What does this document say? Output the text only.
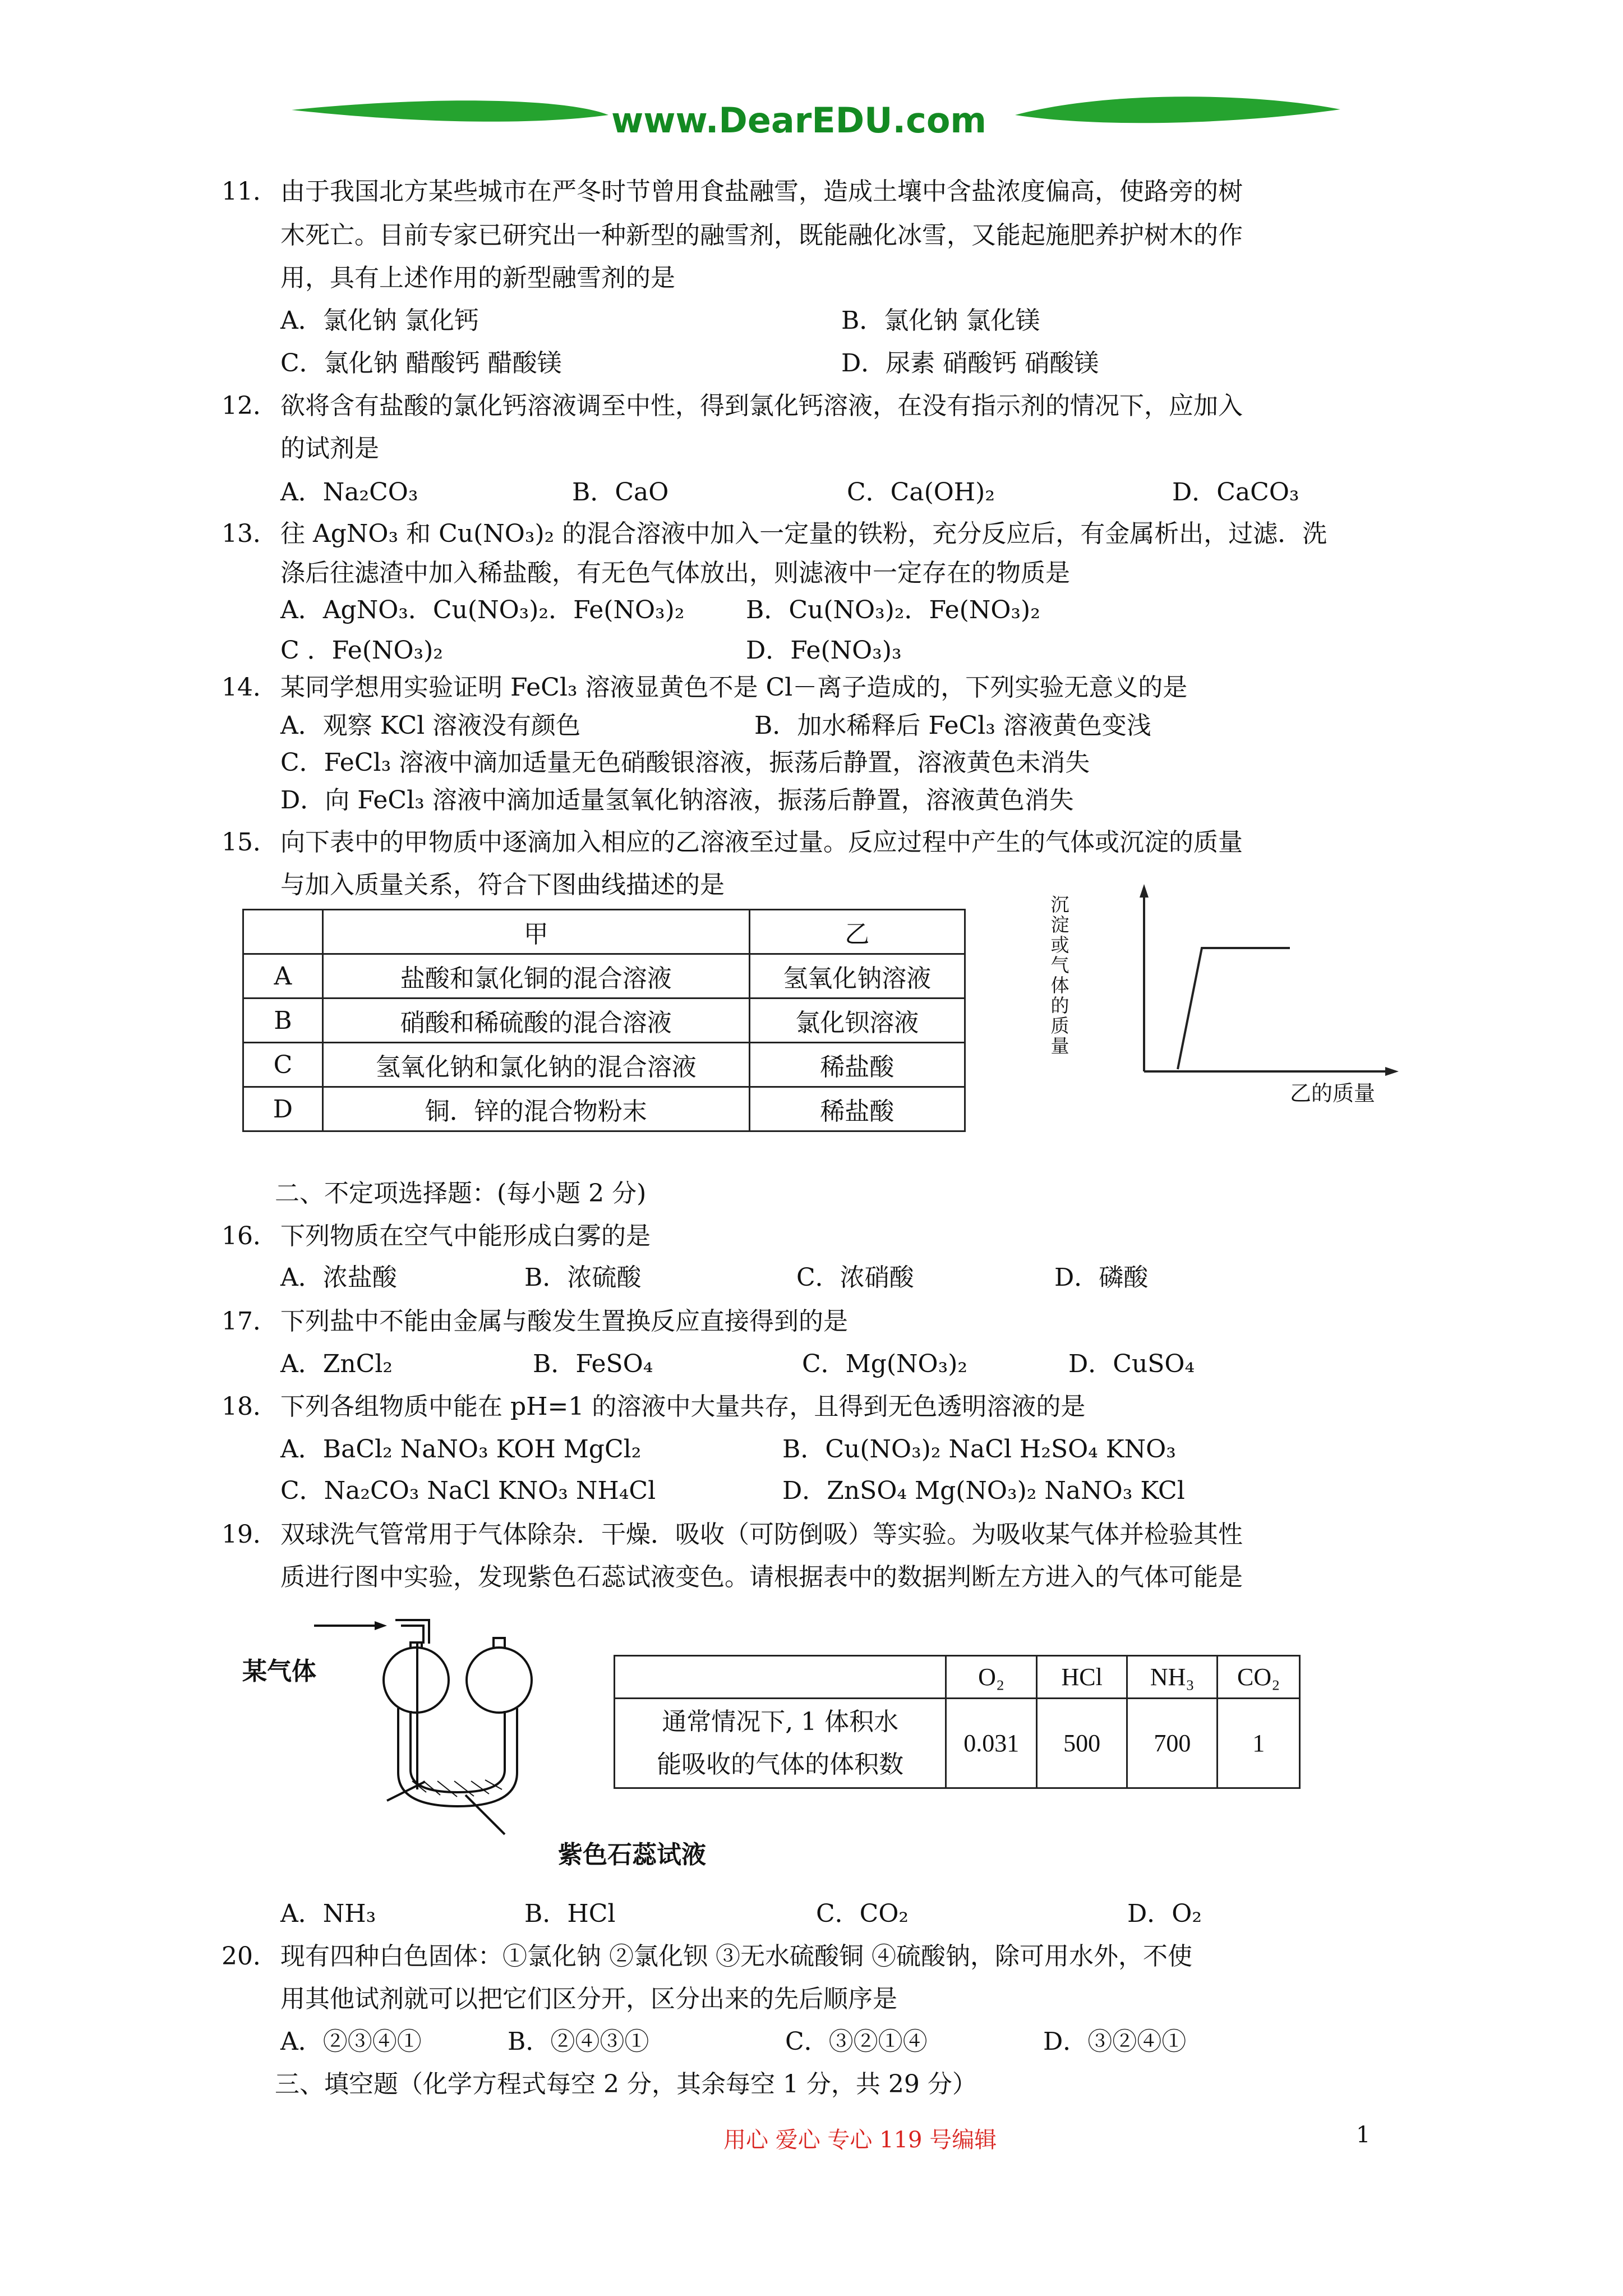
www.DearEDU.com
11． 由于我国北方某些城市在严冬时节曾用食盐融雪，造成土壤中含盐浓度偏高，使路旁的树
木死亡。目前专家已研究出一种新型的融雪剂，既能融化冰雪，又能起施肥养护树木的作
用，具有上述作用的新型融雪剂的是
A．氯化钠 氯化钙	B．氯化钠 氯化镁
C．氯化钠 醋酸钙 醋酸镁	D．尿素 硝酸钙 硝酸镁
12． 欲将含有盐酸的氯化钙溶液调至中性，得到氯化钙溶液，在没有指示剂的情况下，应加入
的试剂是
A．Na₂CO₃	B．CaO	C．Ca(OH)₂	D．CaCO₃
13． 往 AgNO₃ 和 Cu(NO₃)₂ 的混合溶液中加入一定量的铁粉，充分反应后，有金属析出，过滤．洗
涤后往滤渣中加入稀盐酸，有无色气体放出，则滤液中一定存在的物质是
A．AgNO₃．Cu(NO₃)₂．Fe(NO₃)₂ B．Cu(NO₃)₂．Fe(NO₃)₂
C ．Fe(NO₃)₂	D．Fe(NO₃)₃
14． 某同学想用实验证明 FeCl₃ 溶液显黄色不是 Cl－离子造成的，下列实验无意义的是
A．观察 KCl 溶液没有颜色	B．加水稀释后 FeCl₃ 溶液黄色变浅
C．FeCl₃ 溶液中滴加适量无色硝酸银溶液，振荡后静置，溶液黄色未消失
D．向 FeCl₃ 溶液中滴加适量氢氧化钠溶液，振荡后静置，溶液黄色消失
15． 向下表中的甲物质中逐滴加入相应的乙溶液至过量。反应过程中产生的气体或沉淀的质量
与加入质量关系，符合下图曲线描述的是
	甲	乙
A	盐酸和氯化铜的混合溶液	氢氧化钠溶液
B	硝酸和稀硫酸的混合溶液	氯化钡溶液
C	氢氧化钠和氯化钠的混合溶液	稀盐酸
D	铜．锌的混合物粉末	稀盐酸
沉淀或气体的质量
乙的质量
二、不定项选择题：(每小题 2 分)
16． 下列物质在空气中能形成白雾的是
A．浓盐酸	B．浓硫酸	C．浓硝酸	D．磷酸
17． 下列盐中不能由金属与酸发生置换反应直接得到的是
A．ZnCl₂	B．FeSO₄	C．Mg(NO₃)₂	D．CuSO₄
18． 下列各组物质中能在 pH=1 的溶液中大量共存，且得到无色透明溶液的是
A．BaCl₂ NaNO₃ KOH MgCl₂	B．Cu(NO₃)₂ NaCl H₂SO₄ KNO₃
C．Na₂CO₃ NaCl KNO₃ NH₄Cl	D．ZnSO₄ Mg(NO₃)₂ NaNO₃ KCl
19． 双球洗气管常用于气体除杂．干燥．吸收（可防倒吸）等实验。为吸收某气体并检验其性
质进行图中实验，发现紫色石蕊试液变色。请根据表中的数据判断左方进入的气体可能是
某气体
紫色石蕊试液
	O₂	HCl	NH₃	CO₂

通常情况下, 1 体积水
能吸收的气体的体积数	0.031	500	700	1
A．NH₃	B．HCl	C．CO₂	D．O₂
20． 现有四种白色固体：①氯化钠 ②氯化钡 ③无水硫酸铜 ④硫酸钠，除可用水外，不使
用其他试剂就可以把它们区分开，区分出来的先后顺序是
A．②③④①	B．②④③①	C．③②①④	D．③②④①
三、填空题（化学方程式每空 2 分，其余每空 1 分，共 29 分）
用心 爱心 专心 119 号编辑	1
